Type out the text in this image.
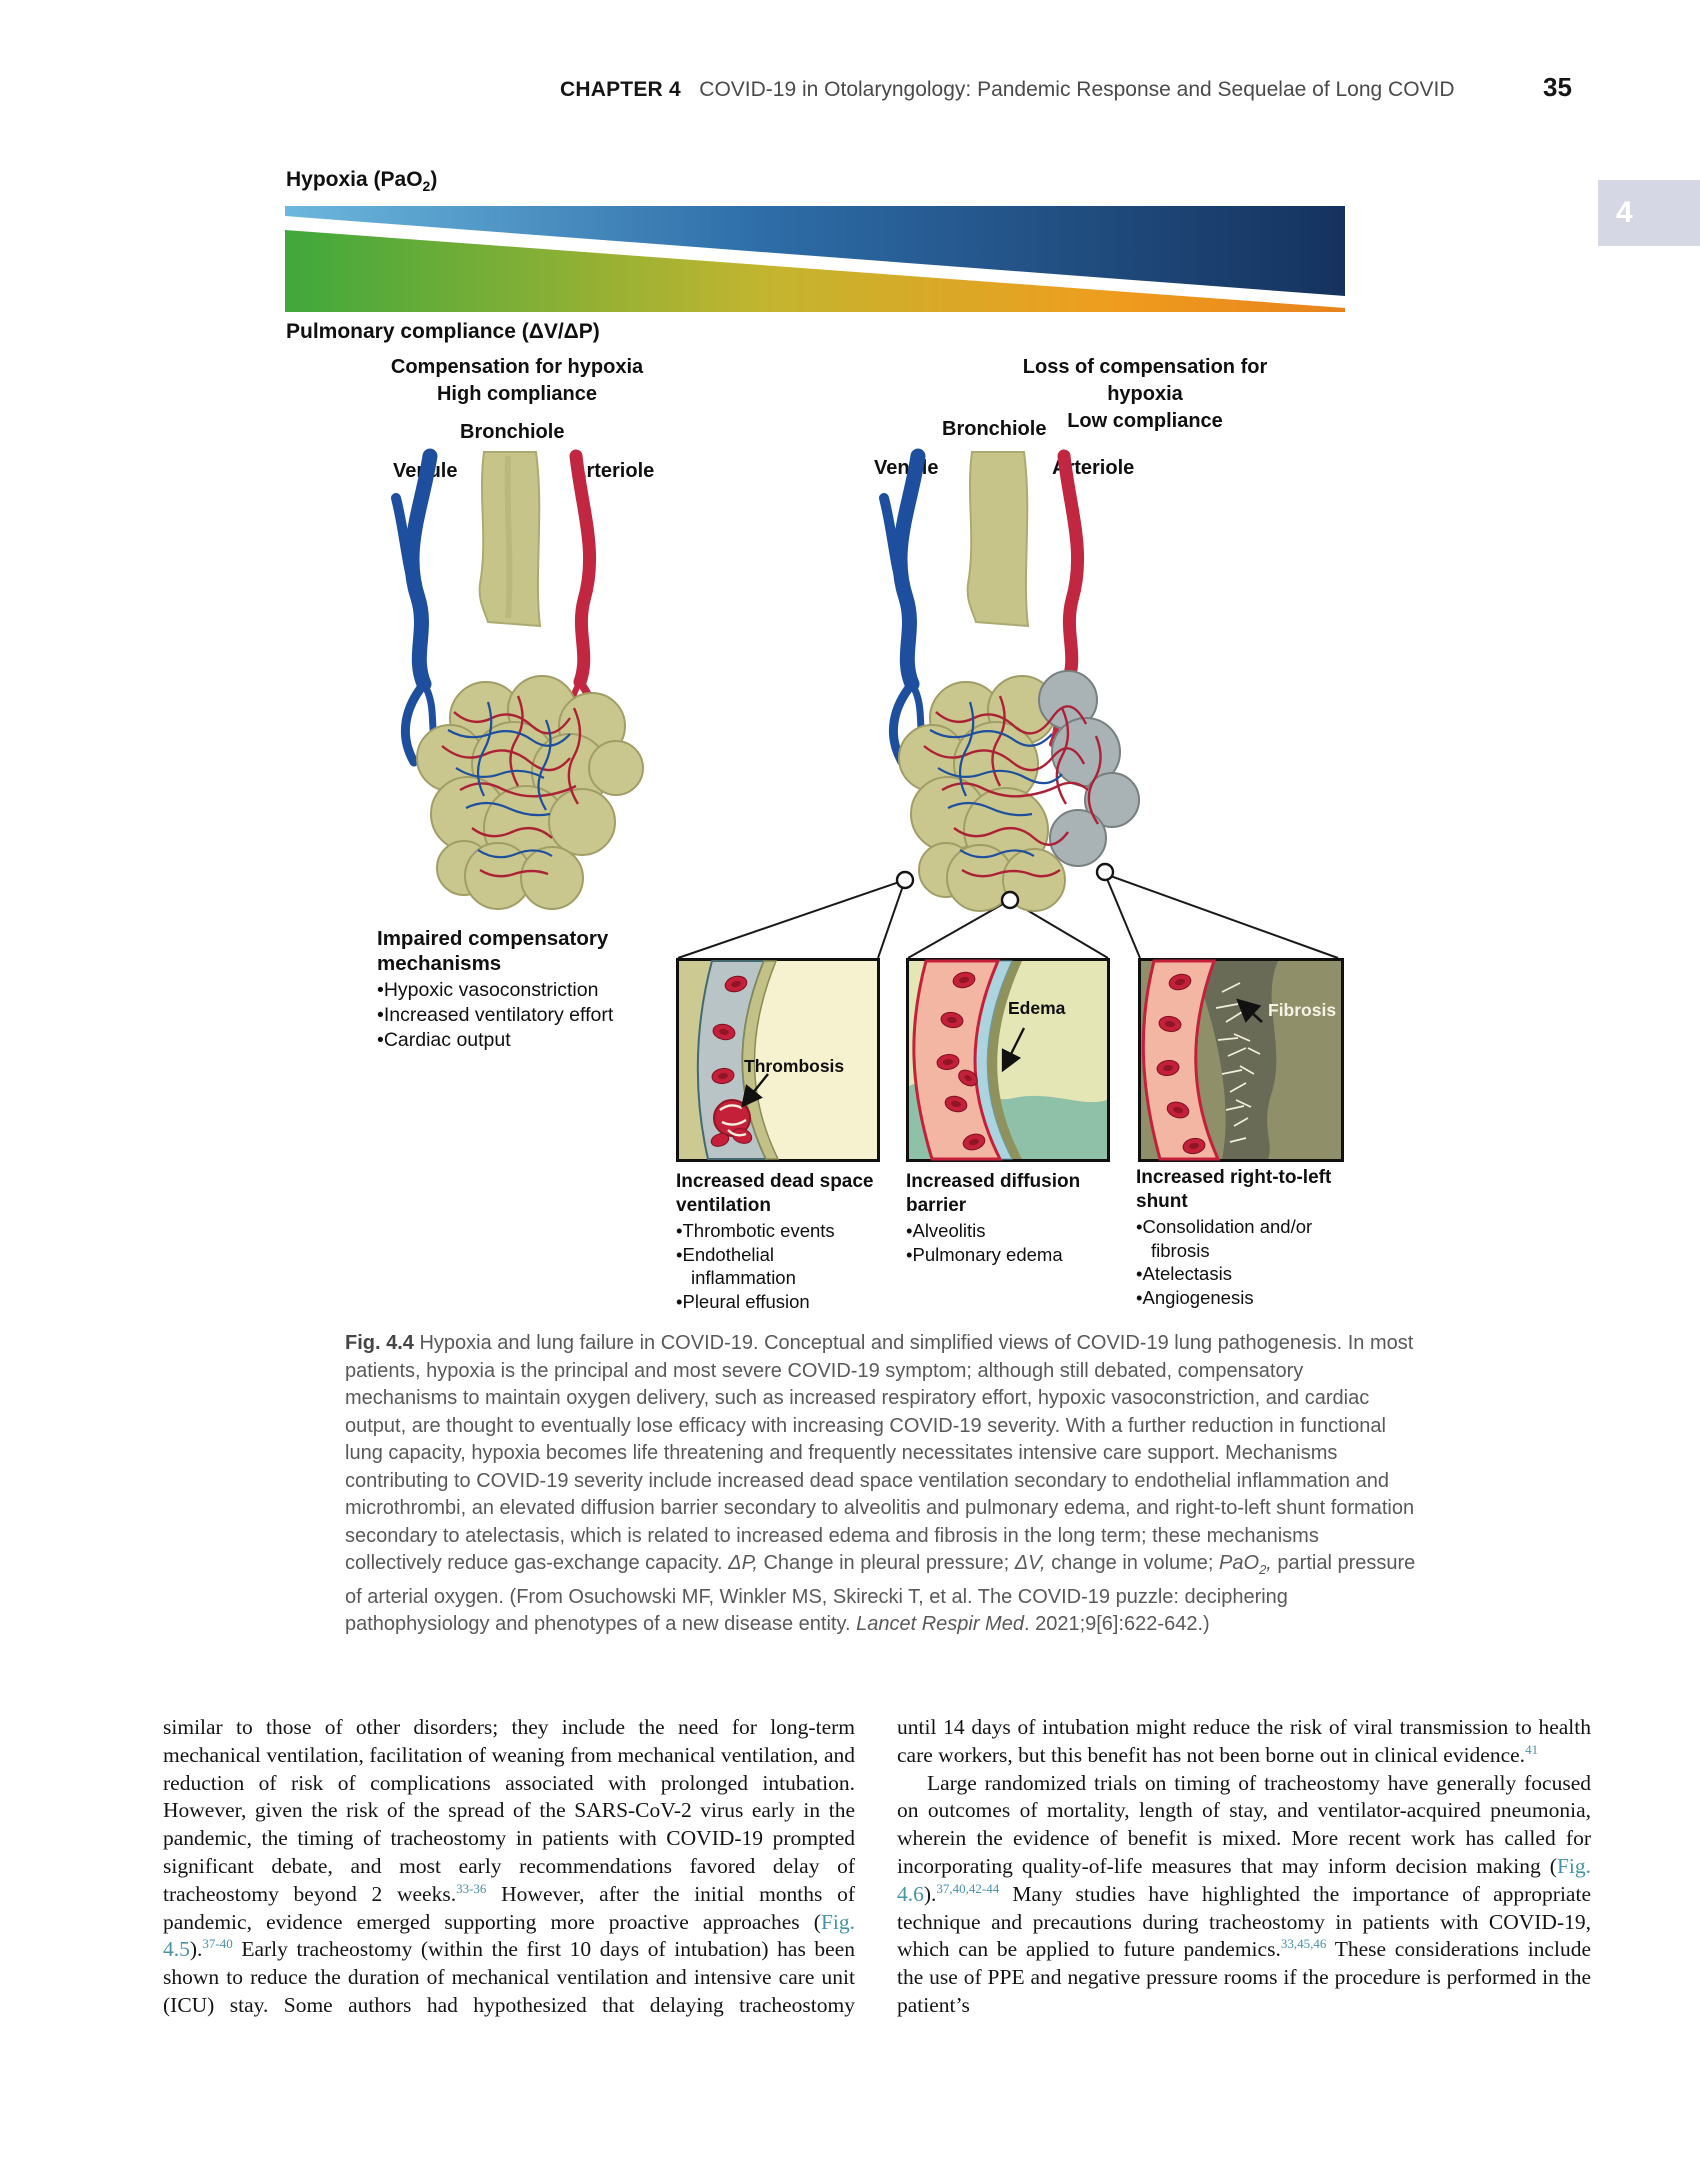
CHAPTER 4 COVID-19 in Otolaryngology: Pandemic Response and Sequelae of Long COVID	35
4
Hypoxia (PaO$_2$)
Pulmonary compliance (ΔV/ΔP)
Compensation for hypoxia
High compliance
Loss of compensation for hypoxia
Low compliance
Bronchiole
Venule	Arteriole
Bronchiole
Venule	Arteriole
Impaired compensatory mechanisms
• Hypoxic vasoconstriction
• Increased ventilatory effort
• Cardiac output
Thrombosis
Edema	Fibrosis
Increased dead space ventilation
• Thrombotic events
• Endothelial inflammation
• Pleural effusion
Increased diffusion barrier
• Alveolitis
• Pulmonary edema
Increased right-to-left shunt
• Consolidation and/or fibrosis
• Atelectasis
• Angiogenesis
Fig. 4.4 Hypoxia and lung failure in COVID-19. Conceptual and simplified views of COVID-19 lung pathogenesis. In most patients, hypoxia is the principal and most severe COVID-19 symptom; although still debated, compensatory mechanisms to maintain oxygen delivery, such as increased respiratory effort, hypoxic vasoconstriction, and cardiac output, are thought to eventually lose efficacy with increasing COVID-19 severity. With a further reduction in functional lung capacity, hypoxia becomes life threatening and frequently necessitates intensive care support. Mechanisms contributing to COVID-19 severity include increased dead space ventilation secondary to endothelial inflammation and microthrombi, an elevated diffusion barrier secondary to alveolitis and pulmonary edema, and right-to-left shunt formation secondary to atelectasis, which is related to increased edema and fibrosis in the long term; these mechanisms collectively reduce gas-exchange capacity. ΔP, Change in pleural pressure; ΔV, change in volume; PaO$_2$, partial pressure of arterial oxygen. (From Osuchowski MF, Winkler MS, Skirecki T, et al. The COVID-19 puzzle: deciphering pathophysiology and phenotypes of a new disease entity. Lancet Respir Med. 2021;9[6]:622-642.)

similar to those of other disorders; they include the need for long-term mechanical ventilation, facilitation of weaning from mechanical ventilation, and reduction of risk of complications associated with prolonged intubation. However, given the risk of the spread of the SARS-CoV-2 virus early in the pandemic, the timing of tracheostomy in patients with COVID-19 prompted significant debate, and most early recommendations favored delay of tracheostomy beyond 2 weeks.$^{33-36}$ However, after the initial months of pandemic, evidence emerged supporting more proactive approaches (Fig. 4.5).$^{37-40}$ Early tracheostomy (within the first 10 days of intubation) has been shown to reduce the duration of mechanical ventilation and intensive care unit (ICU) stay. Some authors had hypothesized that delaying tracheostomy

until 14 days of intubation might reduce the risk of viral transmission to health care workers, but this benefit has not been borne out in clinical evidence.$^{41}$

Large randomized trials on timing of tracheostomy have generally focused on outcomes of mortality, length of stay, and ventilator-acquired pneumonia, wherein the evidence of benefit is mixed. More recent work has called for incorporating quality-of-life measures that may inform decision making (Fig. 4.6).$^{37,40,42-44}$ Many studies have highlighted the importance of appropriate technique and precautions during tracheostomy in patients with COVID-19, which can be applied to future pandemics.$^{33,45,46}$ These considerations include the use of PPE and negative pressure rooms if the procedure is performed in the patient’s
